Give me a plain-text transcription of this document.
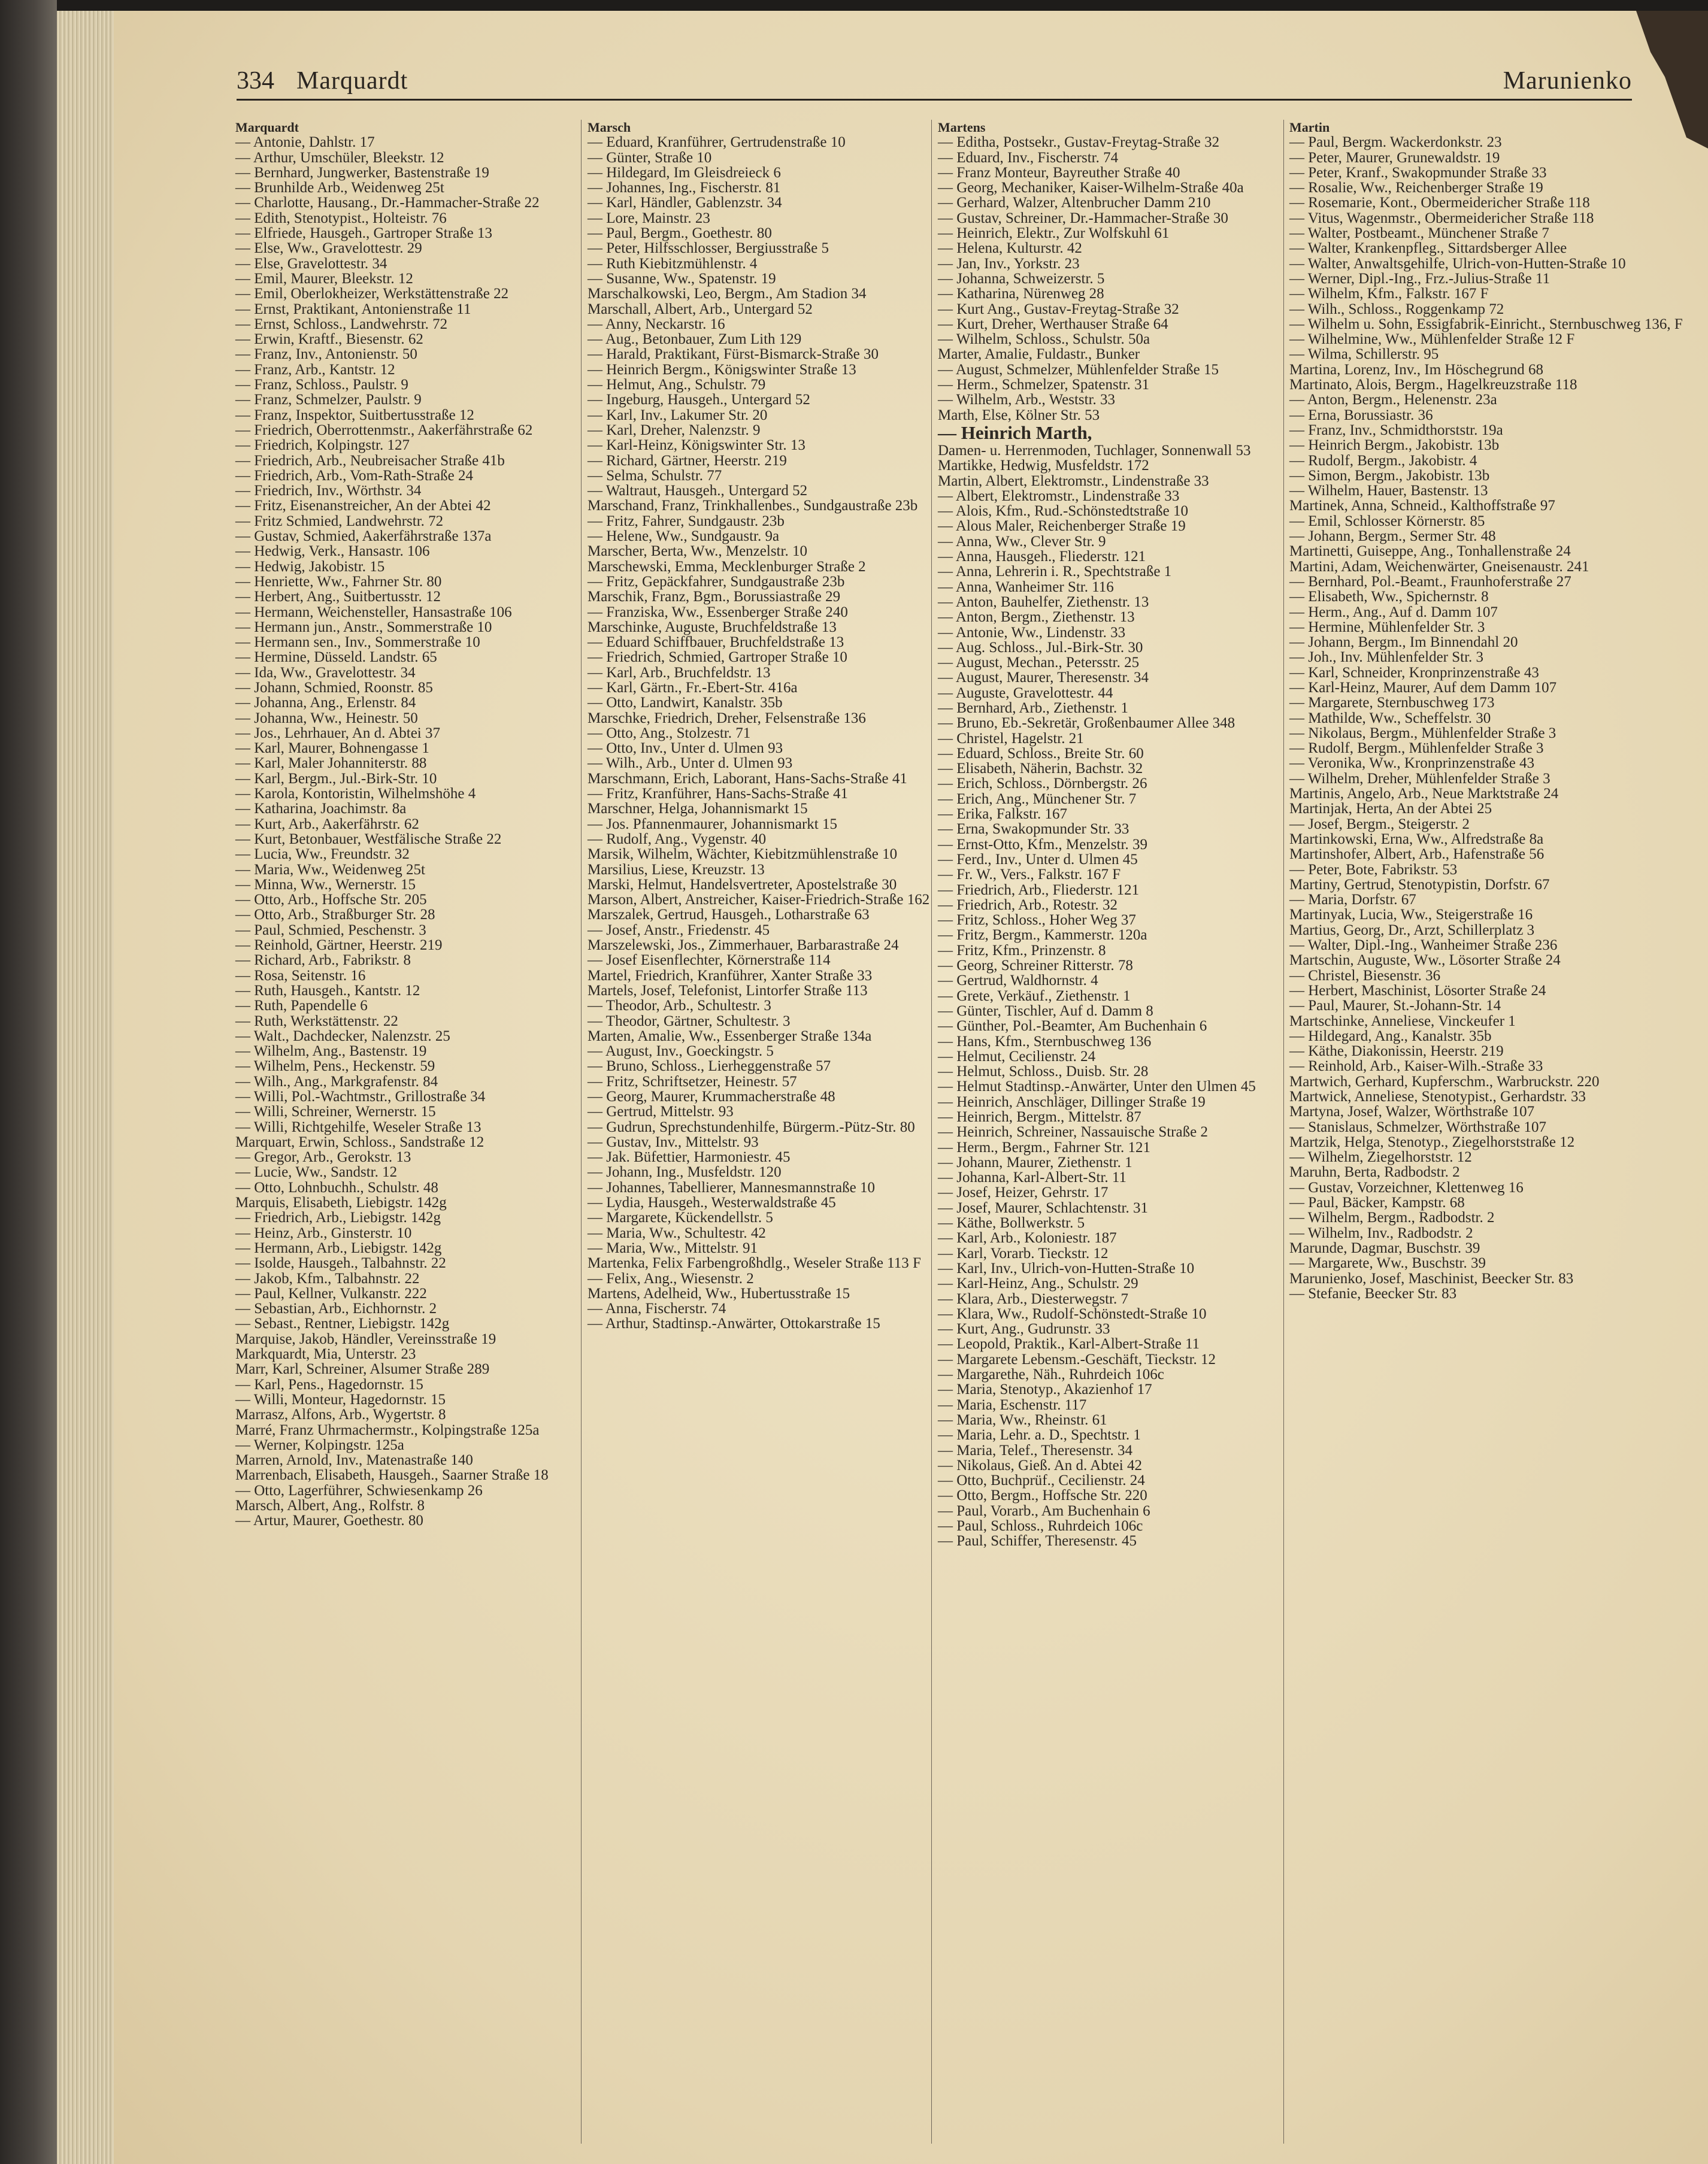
334 Marquardt	Marunienko
Marquardt
— Antonie, Dahlstr. 17
— Arthur, Umschüler, Bleekstr. 12
— Bernhard, Jungwerker, Bastenstraße 19
— Brunhilde Arb., Weidenweg 25t
— Charlotte, Hausang., Dr.-Hammacher-Straße 22
— Edith, Stenotypist., Holteistr. 76
— Elfriede, Hausgeh., Gartroper Straße 13
— Else, Ww., Gravelottestr. 29
— Else, Gravelottestr. 34
— Emil, Maurer, Bleekstr. 12
— Emil, Oberlokheizer, Werkstättenstraße 22
— Ernst, Praktikant, Antonienstraße 11
— Ernst, Schloss., Landwehrstr. 72
— Erwin, Kraftf., Biesenstr. 62
— Franz, Inv., Antonienstr. 50
— Franz, Arb., Kantstr. 12
— Franz, Schloss., Paulstr. 9
— Franz, Schmelzer, Paulstr. 9
— Franz, Inspektor, Suitbertusstraße 12
— Friedrich, Oberrottenmstr., Aakerfährstraße 62
— Friedrich, Kolpingstr. 127
— Friedrich, Arb., Neubreisacher Straße 41b
— Friedrich, Arb., Vom-Rath-Straße 24
— Friedrich, Inv., Wörthstr. 34
— Fritz, Eisenanstreicher, An der Abtei 42
— Fritz Schmied, Landwehrstr. 72
— Gustav, Schmied, Aakerfährstraße 137a
— Hedwig, Verk., Hansastr. 106
— Hedwig, Jakobistr. 15
— Henriette, Ww., Fahrner Str. 80
— Herbert, Ang., Suitbertusstr. 12
— Hermann, Weichensteller, Hansastraße 106
— Hermann jun., Anstr., Sommerstraße 10
— Hermann sen., Inv., Sommerstraße 10
— Hermine, Düsseld. Landstr. 65
— Ida, Ww., Gravelottestr. 34
— Johann, Schmied, Roonstr. 85
— Johanna, Ang., Erlenstr. 84
— Johanna, Ww., Heinestr. 50
— Jos., Lehrhauer, An d. Abtei 37
— Karl, Maurer, Bohnengasse 1
— Karl, Maler Johanniterstr. 88
— Karl, Bergm., Jul.-Birk-Str. 10
— Karola, Kontoristin, Wilhelmshöhe 4
— Katharina, Joachimstr. 8a
— Kurt, Arb., Aakerfährstr. 62
— Kurt, Betonbauer, Westfälische Straße 22
— Lucia, Ww., Freundstr. 32
— Maria, Ww., Weidenweg 25t
— Minna, Ww., Wernerstr. 15
— Otto, Arb., Hoffsche Str. 205
— Otto, Arb., Straßburger Str. 28
— Paul, Schmied, Peschenstr. 3
— Reinhold, Gärtner, Heerstr. 219
— Richard, Arb., Fabrikstr. 8
— Rosa, Seitenstr. 16
— Ruth, Hausgeh., Kantstr. 12
— Ruth, Papendelle 6
— Ruth, Werkstättenstr. 22
— Walt., Dachdecker, Nalenzstr. 25
— Wilhelm, Ang., Bastenstr. 19
— Wilhelm, Pens., Heckenstr. 59
— Wilh., Ang., Markgrafenstr. 84
— Willi, Pol.-Wachtmstr., Grillostraße 34
— Willi, Schreiner, Wernerstr. 15
— Willi, Richtgehilfe, Weseler Straße 13
Marquart, Erwin, Schloss., Sandstraße 12
— Gregor, Arb., Gerokstr. 13
— Lucie, Ww., Sandstr. 12
— Otto, Lohnbuchh., Schulstr. 48
Marquis, Elisabeth, Liebigstr. 142g
— Friedrich, Arb., Liebigstr. 142g
— Heinz, Arb., Ginsterstr. 10
— Hermann, Arb., Liebigstr. 142g
— Isolde, Hausgeh., Talbahnstr. 22
— Jakob, Kfm., Talbahnstr. 22
— Paul, Kellner, Vulkanstr. 222
— Sebastian, Arb., Eichhornstr. 2
— Sebast., Rentner, Liebigstr. 142g
Marquise, Jakob, Händler, Vereinsstraße 19
Markquardt, Mia, Unterstr. 23
Marr, Karl, Schreiner, Alsumer Straße 289
— Karl, Pens., Hagedornstr. 15
— Willi, Monteur, Hagedornstr. 15
Marrasz, Alfons, Arb., Wygertstr. 8
Marré, Franz Uhrmachermstr., Kolpingstraße 125a
— Werner, Kolpingstr. 125a
Marren, Arnold, Inv., Matenastraße 140
Marrenbach, Elisabeth, Hausgeh., Saarner Straße 18
— Otto, Lagerführer, Schwiesenkamp 26
Marsch, Albert, Ang., Rolfstr. 8
— Artur, Maurer, Goethestr. 80
Marsch
— Eduard, Kranführer, Gertrudenstraße 10
— Günter, Straße 10
— Hildegard, Im Gleisdreieck 6
— Johannes, Ing., Fischerstr. 81
— Karl, Händler, Gablenzstr. 34
— Lore, Mainstr. 23
— Paul, Bergm., Goethestr. 80
— Peter, Hilfsschlosser, Bergiusstraße 5
— Ruth Kiebitzmühlenstr. 4
— Susanne, Ww., Spatenstr. 19
Marschalkowski, Leo, Bergm., Am Stadion 34
Marschall, Albert, Arb., Untergard 52
— Anny, Neckarstr. 16
— Aug., Betonbauer, Zum Lith 129
— Harald, Praktikant, Fürst-Bismarck-Straße 30
— Heinrich Bergm., Königswinter Straße 13
— Helmut, Ang., Schulstr. 79
— Ingeburg, Hausgeh., Untergard 52
— Karl, Inv., Lakumer Str. 20
— Karl, Dreher, Nalenzstr. 9
— Karl-Heinz, Königswinter Str. 13
— Richard, Gärtner, Heerstr. 219
— Selma, Schulstr. 77
— Waltraut, Hausgeh., Untergard 52
Marschand, Franz, Trinkhallenbes., Sundgaustraße 23b
— Fritz, Fahrer, Sundgaustr. 23b
— Helene, Ww., Sundgaustr. 9a
Marscher, Berta, Ww., Menzelstr. 10
Marschewski, Emma, Mecklenburger Straße 2
— Fritz, Gepäckfahrer, Sundgaustraße 23b
Marschik, Franz, Bgm., Borussiastraße 29
— Franziska, Ww., Essenberger Straße 240
Marschinke, Auguste, Bruchfeldstraße 13
— Eduard Schiffbauer, Bruchfeldstraße 13
— Friedrich, Schmied, Gartroper Straße 10
— Karl, Arb., Bruchfeldstr. 13
— Karl, Gärtn., Fr.-Ebert-Str. 416a
— Otto, Landwirt, Kanalstr. 35b
Marschke, Friedrich, Dreher, Felsenstraße 136
— Otto, Ang., Stolzestr. 71
— Otto, Inv., Unter d. Ulmen 93
— Wilh., Arb., Unter d. Ulmen 93
Marschmann, Erich, Laborant, Hans-Sachs-Straße 41
— Fritz, Kranführer, Hans-Sachs-Straße 41
Marschner, Helga, Johannismarkt 15
— Jos. Pfannenmaurer, Johannismarkt 15
— Rudolf, Ang., Vygenstr. 40
Marsik, Wilhelm, Wächter, Kiebitzmühlenstraße 10
Marsilius, Liese, Kreuzstr. 13
Marski, Helmut, Handelsvertreter, Apostelstraße 30
Marson, Albert, Anstreicher, Kaiser-Friedrich-Straße 162
Marszalek, Gertrud, Hausgeh., Lotharstraße 63
— Josef, Anstr., Friedenstr. 45
Marszelewski, Jos., Zimmerhauer, Barbarastraße 24
— Josef Eisenflechter, Körnerstraße 114
Martel, Friedrich, Kranführer, Xanter Straße 33
Martels, Josef, Telefonist, Lintorfer Straße 113
— Theodor, Arb., Schultestr. 3
— Theodor, Gärtner, Schultestr. 3
Marten, Amalie, Ww., Essenberger Straße 134a
— August, Inv., Goeckingstr. 5
— Bruno, Schloss., Lierheggenstraße 57
— Fritz, Schriftsetzer, Heinestr. 57
— Georg, Maurer, Krummacherstraße 48
— Gertrud, Mittelstr. 93
— Gudrun, Sprechstundenhilfe, Bürgerm.-Pütz-Str. 80
— Gustav, Inv., Mittelstr. 93
— Jak. Büfettier, Harmoniestr. 45
— Johann, Ing., Musfeldstr. 120
— Johannes, Tabellierer, Mannesmannstraße 10
— Lydia, Hausgeh., Westerwaldstraße 45
— Margarete, Kückendellstr. 5
— Maria, Ww., Schultestr. 42
— Maria, Ww., Mittelstr. 91
Martenka, Felix Farbengroßhdlg., Weseler Straße 113 F
— Felix, Ang., Wiesenstr. 2
Martens, Adelheid, Ww., Hubertusstraße 15
— Anna, Fischerstr. 74
— Arthur, Stadtinsp.-Anwärter, Ottokarstraße 15
Martens
— Editha, Postsekr., Gustav-Freytag-Straße 32
— Eduard, Inv., Fischerstr. 74
— Franz Monteur, Bayreuther Straße 40
— Georg, Mechaniker, Kaiser-Wilhelm-Straße 40a
— Gerhard, Walzer, Altenbrucher Damm 210
— Gustav, Schreiner, Dr.-Hammacher-Straße 30
— Heinrich, Elektr., Zur Wolfskuhl 61
— Helena, Kulturstr. 42
— Jan, Inv., Yorkstr. 23
— Johanna, Schweizerstr. 5
— Katharina, Nürenweg 28
— Kurt Ang., Gustav-Freytag-Straße 32
— Kurt, Dreher, Werthauser Straße 64
— Wilhelm, Schloss., Schulstr. 50a
Marter, Amalie, Fuldastr., Bunker
— August, Schmelzer, Mühlenfelder Straße 15
— Herm., Schmelzer, Spatenstr. 31
— Wilhelm, Arb., Weststr. 33
Marth, Else, Kölner Str. 53
— Heinrich Marth,
Damen- u. Herrenmoden, Tuchlager, Sonnenwall 53
Martikke, Hedwig, Musfeldstr. 172
Martin, Albert, Elektromstr., Lindenstraße 33
— Albert, Elektromstr., Lindenstraße 33
— Alois, Kfm., Rud.-Schönstedtstraße 10
— Alous Maler, Reichenberger Straße 19
— Anna, Ww., Clever Str. 9
— Anna, Hausgeh., Fliederstr. 121
— Anna, Lehrerin i. R., Spechtstraße 1
— Anna, Wanheimer Str. 116
— Anton, Bauhelfer, Ziethenstr. 13
— Anton, Bergm., Ziethenstr. 13
— Antonie, Ww., Lindenstr. 33
— Aug. Schloss., Jul.-Birk-Str. 30
— August, Mechan., Petersstr. 25
— August, Maurer, Theresenstr. 34
— Auguste, Gravelottestr. 44
— Bernhard, Arb., Ziethenstr. 1
— Bruno, Eb.-Sekretär, Großenbaumer Allee 348
— Christel, Hagelstr. 21
— Eduard, Schloss., Breite Str. 60
— Elisabeth, Näherin, Bachstr. 32
— Erich, Schloss., Dörnbergstr. 26
— Erich, Ang., Münchener Str. 7
— Erika, Falkstr. 167
— Erna, Swakopmunder Str. 33
— Ernst-Otto, Kfm., Menzelstr. 39
— Ferd., Inv., Unter d. Ulmen 45
— Fr. W., Vers., Falkstr. 167 F
— Friedrich, Arb., Fliederstr. 121
— Friedrich, Arb., Rotestr. 32
— Fritz, Schloss., Hoher Weg 37
— Fritz, Bergm., Kammerstr. 120a
— Fritz, Kfm., Prinzenstr. 8
— Georg, Schreiner Ritterstr. 78
— Gertrud, Waldhornstr. 4
— Grete, Verkäuf., Ziethenstr. 1
— Günter, Tischler, Auf d. Damm 8
— Günther, Pol.-Beamter, Am Buchenhain 6
— Hans, Kfm., Sternbuschweg 136
— Helmut, Cecilienstr. 24
— Helmut, Schloss., Duisb. Str. 28
— Helmut Stadtinsp.-Anwärter, Unter den Ulmen 45
— Heinrich, Anschläger, Dillinger Straße 19
— Heinrich, Bergm., Mittelstr. 87
— Heinrich, Schreiner, Nassauische Straße 2
— Herm., Bergm., Fahrner Str. 121
— Johann, Maurer, Ziethenstr. 1
— Johanna, Karl-Albert-Str. 11
— Josef, Heizer, Gehrstr. 17
— Josef, Maurer, Schlachtenstr. 31
— Käthe, Bollwerkstr. 5
— Karl, Arb., Koloniestr. 187
— Karl, Vorarb. Tieckstr. 12
— Karl, Inv., Ulrich-von-Hutten-Straße 10
— Karl-Heinz, Ang., Schulstr. 29
— Klara, Arb., Diesterwegstr. 7
— Klara, Ww., Rudolf-Schönstedt-Straße 10
— Kurt, Ang., Gudrunstr. 33
— Leopold, Praktik., Karl-Albert-Straße 11
— Margarete Lebensm.-Geschäft, Tieckstr. 12
— Margarethe, Näh., Ruhrdeich 106c
— Maria, Stenotyp., Akazienhof 17
— Maria, Eschenstr. 117
— Maria, Ww., Rheinstr. 61
— Maria, Lehr. a. D., Spechtstr. 1
— Maria, Telef., Theresenstr. 34
— Nikolaus, Gieß. An d. Abtei 42
— Otto, Buchprüf., Cecilienstr. 24
— Otto, Bergm., Hoffsche Str. 220
— Paul, Vorarb., Am Buchenhain 6
— Paul, Schloss., Ruhrdeich 106c
— Paul, Schiffer, Theresenstr. 45
Martin
— Paul, Bergm. Wackerdonkstr. 23
— Peter, Maurer, Grunewaldstr. 19
— Peter, Kranf., Swakopmunder Straße 33
— Rosalie, Ww., Reichenberger Straße 19
— Rosemarie, Kont., Obermeidericher Straße 118
— Vitus, Wagenmstr., Obermeidericher Straße 118
— Walter, Postbeamt., Münchener Straße 7
— Walter, Krankenpfleg., Sittardsberger Allee
— Walter, Anwaltsgehilfe, Ulrich-von-Hutten-Straße 10
— Werner, Dipl.-Ing., Frz.-Julius-Straße 11
— Wilhelm, Kfm., Falkstr. 167 F
— Wilh., Schloss., Roggenkamp 72
— Wilhelm u. Sohn, Essigfabrik-Einricht., Sternbuschweg 136, F
— Wilhelmine, Ww., Mühlenfelder Straße 12 F
— Wilma, Schillerstr. 95
Martina, Lorenz, Inv., Im Höschegrund 68
Martinato, Alois, Bergm., Hagelkreuzstraße 118
— Anton, Bergm., Helenenstr. 23a
— Erna, Borussiastr. 36
— Franz, Inv., Schmidthorststr. 19a
— Heinrich Bergm., Jakobistr. 13b
— Rudolf, Bergm., Jakobistr. 4
— Simon, Bergm., Jakobistr. 13b
— Wilhelm, Hauer, Bastenstr. 13
Martinek, Anna, Schneid., Kalthoffstraße 97
— Emil, Schlosser Körnerstr. 85
— Johann, Bergm., Sermer Str. 48
Martinetti, Guiseppe, Ang., Tonhallenstraße 24
Martini, Adam, Weichenwärter, Gneisenaustr. 241
— Bernhard, Pol.-Beamt., Fraunhoferstraße 27
— Elisabeth, Ww., Spichernstr. 8
— Herm., Ang., Auf d. Damm 107
— Hermine, Mühlenfelder Str. 3
— Johann, Bergm., Im Binnendahl 20
— Joh., Inv. Mühlenfelder Str. 3
— Karl, Schneider, Kronprinzenstraße 43
— Karl-Heinz, Maurer, Auf dem Damm 107
— Margarete, Sternbuschweg 173
— Mathilde, Ww., Scheffelstr. 30
— Nikolaus, Bergm., Mühlenfelder Straße 3
— Rudolf, Bergm., Mühlenfelder Straße 3
— Veronika, Ww., Kronprinzenstraße 43
— Wilhelm, Dreher, Mühlenfelder Straße 3
Martinis, Angelo, Arb., Neue Marktstraße 24
Martinjak, Herta, An der Abtei 25
— Josef, Bergm., Steigerstr. 2
Martinkowski, Erna, Ww., Alfredstraße 8a
Martinshofer, Albert, Arb., Hafenstraße 56
— Peter, Bote, Fabrikstr. 53
Martiny, Gertrud, Stenotypistin, Dorfstr. 67
— Maria, Dorfstr. 67
Martinyak, Lucia, Ww., Steigerstraße 16
Martius, Georg, Dr., Arzt, Schillerplatz 3
— Walter, Dipl.-Ing., Wanheimer Straße 236
Martschin, Auguste, Ww., Lösorter Straße 24
— Christel, Biesenstr. 36
— Herbert, Maschinist, Lösorter Straße 24
— Paul, Maurer, St.-Johann-Str. 14
Martschinke, Anneliese, Vinckeufer 1
— Hildegard, Ang., Kanalstr. 35b
— Käthe, Diakonissin, Heerstr. 219
— Reinhold, Arb., Kaiser-Wilh.-Straße 33
Martwich, Gerhard, Kupferschm., Warbruckstr. 220
Martwick, Anneliese, Stenotypist., Gerhardstr. 33
Martyna, Josef, Walzer, Wörthstraße 107
— Stanislaus, Schmelzer, Wörthstraße 107
Martzik, Helga, Stenotyp., Ziegelhorststraße 12
— Wilhelm, Ziegelhorststr. 12
Maruhn, Berta, Radbodstr. 2
— Gustav, Vorzeichner, Klettenweg 16
— Paul, Bäcker, Kampstr. 68
— Wilhelm, Bergm., Radbodstr. 2
— Wilhelm, Inv., Radbodstr. 2
Marunde, Dagmar, Buschstr. 39
— Margarete, Ww., Buschstr. 39
Marunienko, Josef, Maschinist, Beecker Str. 83
— Stefanie, Beecker Str. 83
